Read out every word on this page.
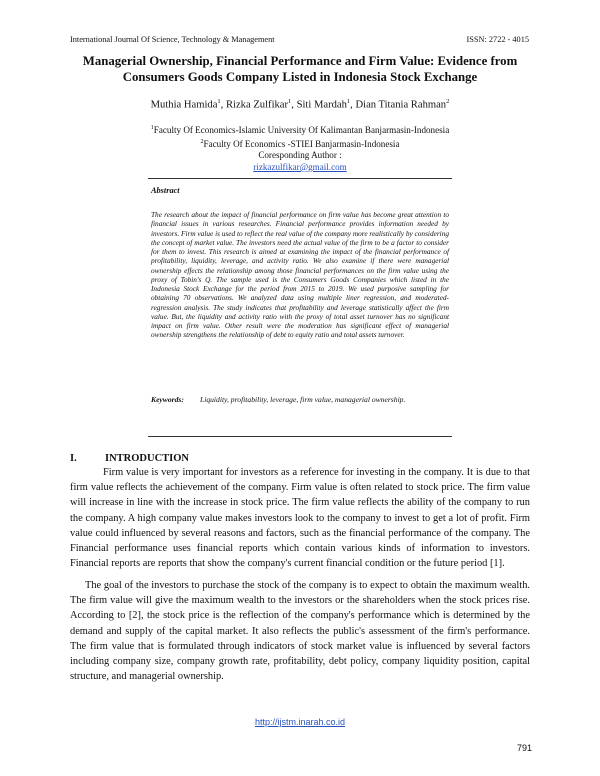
International Journal Of Science, Technology & Management	ISSN: 2722 - 4015
Managerial Ownership, Financial Performance and Firm Value: Evidence from Consumers Goods Company Listed in Indonesia Stock Exchange
Muthia Hamida$^1$, Rizka Zulfikar$^1$, Siti Mardah$^1$, Dian Titania Rahman$^2$
$^1$Faculty Of Economics-Islamic University Of Kalimantan Banjarmasin-Indonesia
$^2$Faculty Of Economics -STIEI Banjarmasin-Indonesia
Coresponding Author :
rizkazulfikar@gmail.com
Abstract
The research about the impact of financial performance on firm value has become great attention to financial issues in various researches. Financial performance provides information needed by investors. Firm value is used to reflect the real value of the company more realistically by considering the concept of market value. The investors need the actual value of the firm to be a factor to consider for them to invest. This research is aimed at examining the impact of the financial performance of profitability, liquidity, leverage, and activity ratio. We also examine if there were managerial ownership effects the relationship among those financial performances on the firm value using the proxy of Tobin's Q. The sample used is the Consumers Goods Companies which listed in the Indonesia Stock Exchange for the period from 2015 to 2019. We used purposive sampling for obtaining 70 observations. We analyzed data using multiple liner regression, and moderated- regression analysis. The study indicates that profitability and leverage statistically affect the firm value. But, the liquidity and activity ratio with the proxy of total asset turnover has no significant impact on firm value. Other result were the moderation has significant effect of managerial ownership strengthens the relationship of debt to equity ratio and total assets turnover.
Keywords: Liquidity, profitability, leverage, firm value, managerial ownership.
I.	INTRODUCTION
Firm value is very important for investors as a reference for investing in the company. It is due to that firm value reflects the achievement of the company. Firm value is often related to stock price. The firm value will increase in line with the increase in stock price. The firm value reflects the ability of the company to run the company. A high company value makes investors look to the company to invest to get a lot of profit. Firm value could influenced by several reasons and factors, such as the financial performance of the company. The Financial performance uses financial reports which contain various kinds of information to investors. Financial reports are reports that show the company's current financial condition or the future period [1].
The goal of the investors to purchase the stock of the company is to expect to obtain the maximum wealth. The firm value will give the maximum wealth to the investors or the shareholders when the stock prices rise. According to [2], the stock price is the reflection of the company's performance which is determined by the demand and supply of the capital market. It also reflects the public's assessment of the firm's performance. The firm value that is formulated through indicators of stock market value is influenced by several factors including company size, company growth rate, profitability, debt policy, company liquidity position, capital structure, and managerial ownership.
http://ijstm.inarah.co.id
791
